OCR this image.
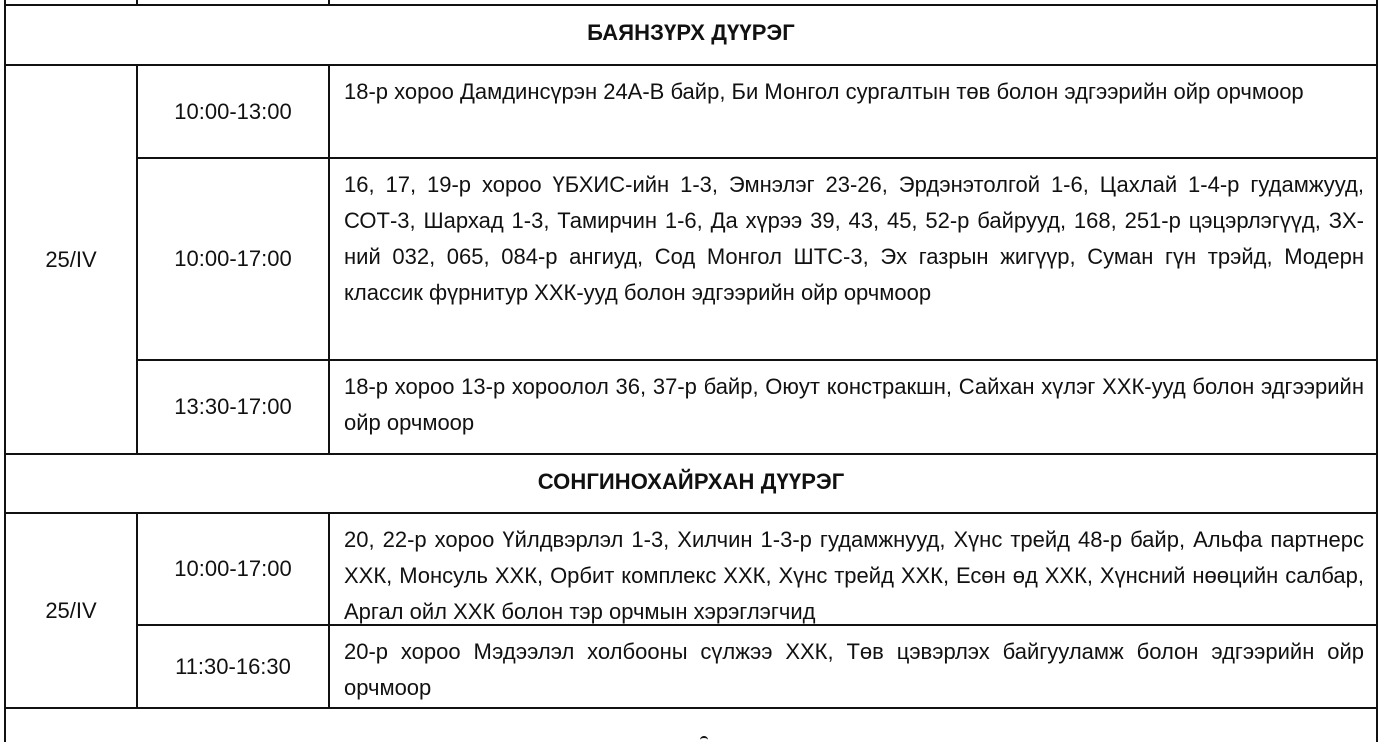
БАЯНЗҮРХ ДҮҮРЭГ
25/IV
10:00-13:00
18-р хороо Дамдинсүрэн 24А-В байр, Би Монгол сургалтын төв болон эдгээрийн ойр орчмоор
10:00-17:00
16, 17, 19-р хороо ҮБХИС-ийн 1-3, Эмнэлэг 23-26, Эрдэнэтолгой 1-6, Цахлай 1-4-р гудамжууд, СОТ-3, Шархад 1-3, Тамирчин 1-6, Да хүрээ 39, 43, 45, 52-р байрууд, 168, 251-р цэцэрлэгүүд, ЗХ-ний 032, 065, 084-р ангиуд, Сод Монгол ШТС-3, Эх газрын жигүүр, Суман гүн трэйд, Модерн классик фүрнитур ХХК-ууд болон эдгээрийн ойр орчмоор
13:30-17:00
18-р хороо 13-р хороолол 36, 37-р байр, Оюут констракшн, Сайхан хүлэг ХХК-ууд болон эдгээрийн ойр орчмоор
СОНГИНОХАЙРХАН ДҮҮРЭГ
25/IV
10:00-17:00
20, 22-р хороо Үйлдвэрлэл 1-3, Хилчин 1-3-р гудамжнууд, Хүнс трейд 48-р байр, Альфа партнерс ХХК, Монсуль ХХК, Орбит комплекс ХХК, Хүнс трейд ХХК, Есөн өд ХХК, Хүнсний нөөцийн салбар, Аргал ойл ХХК болон тэр орчмын хэрэглэгчид
11:30-16:30
20-р хороо Мэдээлэл холбооны сүлжээ ХХК, Төв цэвэрлэх байгууламж болон эдгээрийн ойр орчмоор
